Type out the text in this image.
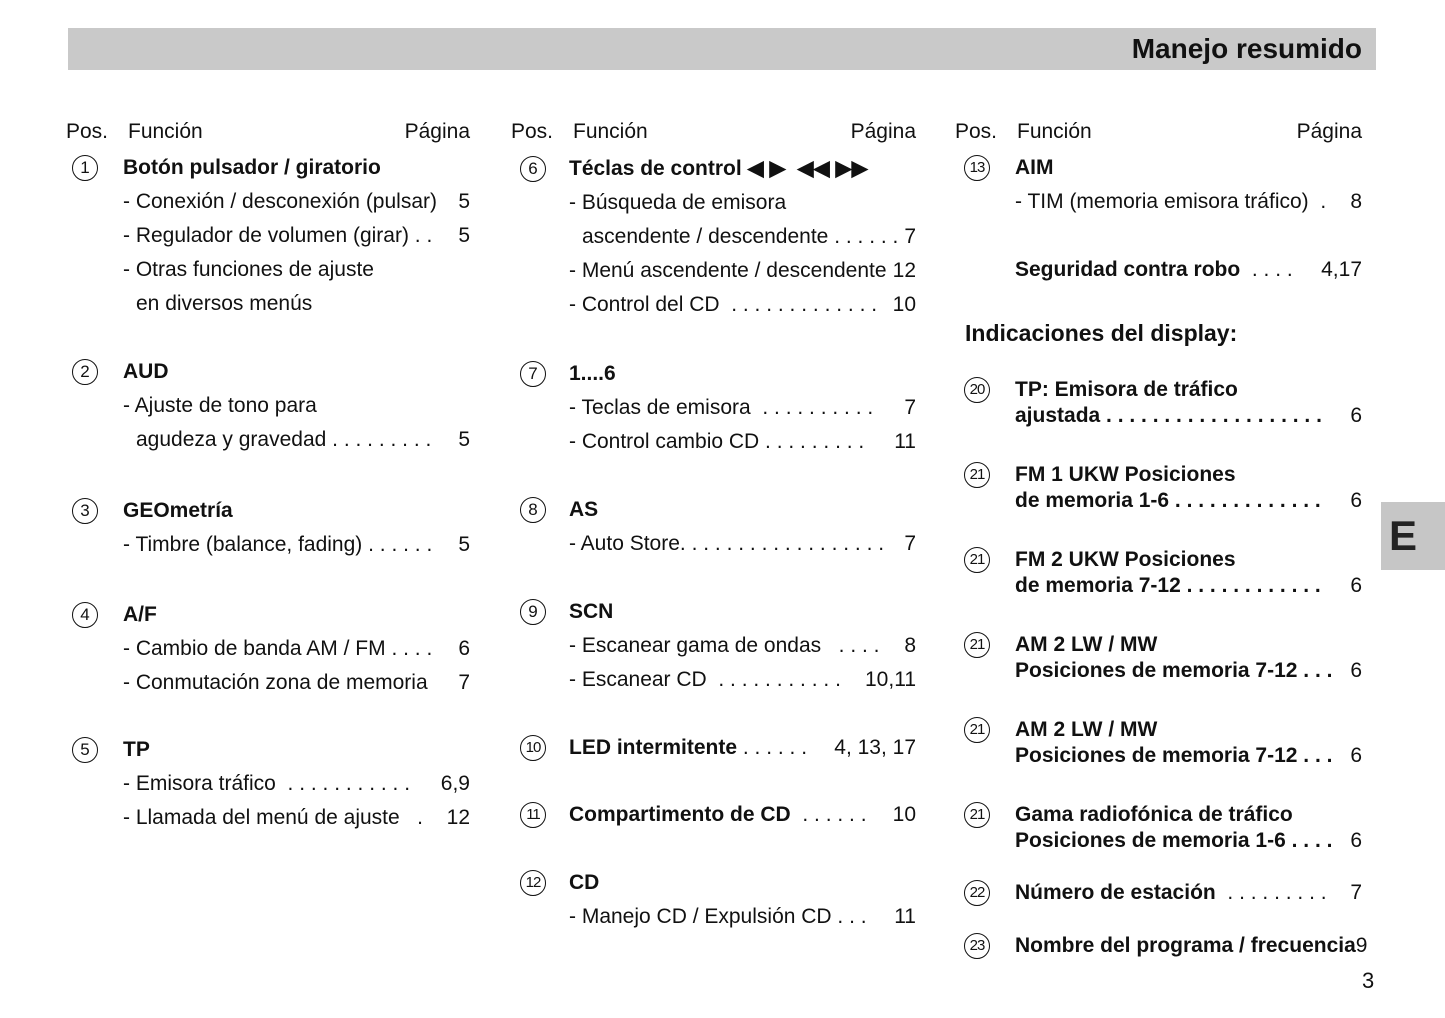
Manejo resumido
Indicaciones del display:
E
3
Pos. Función	Página
1	Botón pulsador / giratorio
- Conexión / desconexión (pulsar) 5
- Regulador de volumen (girar) . . 5
- Otras funciones de ajuste
en diversos menús
2	AUD
- Ajuste de tono para
agudeza y gravedad . . . . . . . . . 5
3	GEOmetría
- Timbre (balance, fading) . . . . . . 5
4	A/F
- Cambio de banda AM / FM . . . . 6
- Conmutación zona de memoria 7
5	TP
- Emisora tráfico  . . . . . . . . . . . 6,9
- Llamada del menú de ajuste   . 12
Pos. Función	Página
6	Téclas de control ◀ ▶  ◀◀ ▶▶
- Búsqueda de emisora
ascendente / descendente . . . . . . 7
- Menú ascendente / descendente 12
- Control del CD  . . . . . . . . . . . . . 10
7	1....6
- Teclas de emisora  . . . . . . . . . . 7
- Control cambio CD . . . . . . . . . 11
8	AS
- Auto Store. . . . . . . . . . . . . . . . . . 7
9	SCN
- Escanear gama de ondas   . . . . 8
- Escanear CD  . . . . . . . . . . . 10,11
10 LED intermitente . . . . . . 4, 13, 17
11 Compartimento de CD  . . . . . . 10
12 CD
- Manejo CD / Expulsión CD . . . 11
Pos. Función	Página
13 AIM
- TIM (memoria emisora tráfico)  . 8
Seguridad contra robo  . . . . 4,17
20 TP: Emisora de tráfico
ajustada . . . . . . . . . . . . . . . . . . . 6
21 FM 1 UKW Posiciones
de memoria 1-6 . . . . . . . . . . . . . 6
21 FM 2 UKW Posiciones
de memoria 7-12 . . . . . . . . . . . . 6
21 AM 2 LW / MW
Posiciones de memoria 7-12 . . . 6
21 AM 2 LW / MW
Posiciones de memoria 7-12 . . . 6
21 Gama radiofónica de tráfico
Posiciones de memoria 1-6 . . . . 6
22 Número de estación  . . . . . . . . . 7
23 Nombre del programa / frecuencia 9
